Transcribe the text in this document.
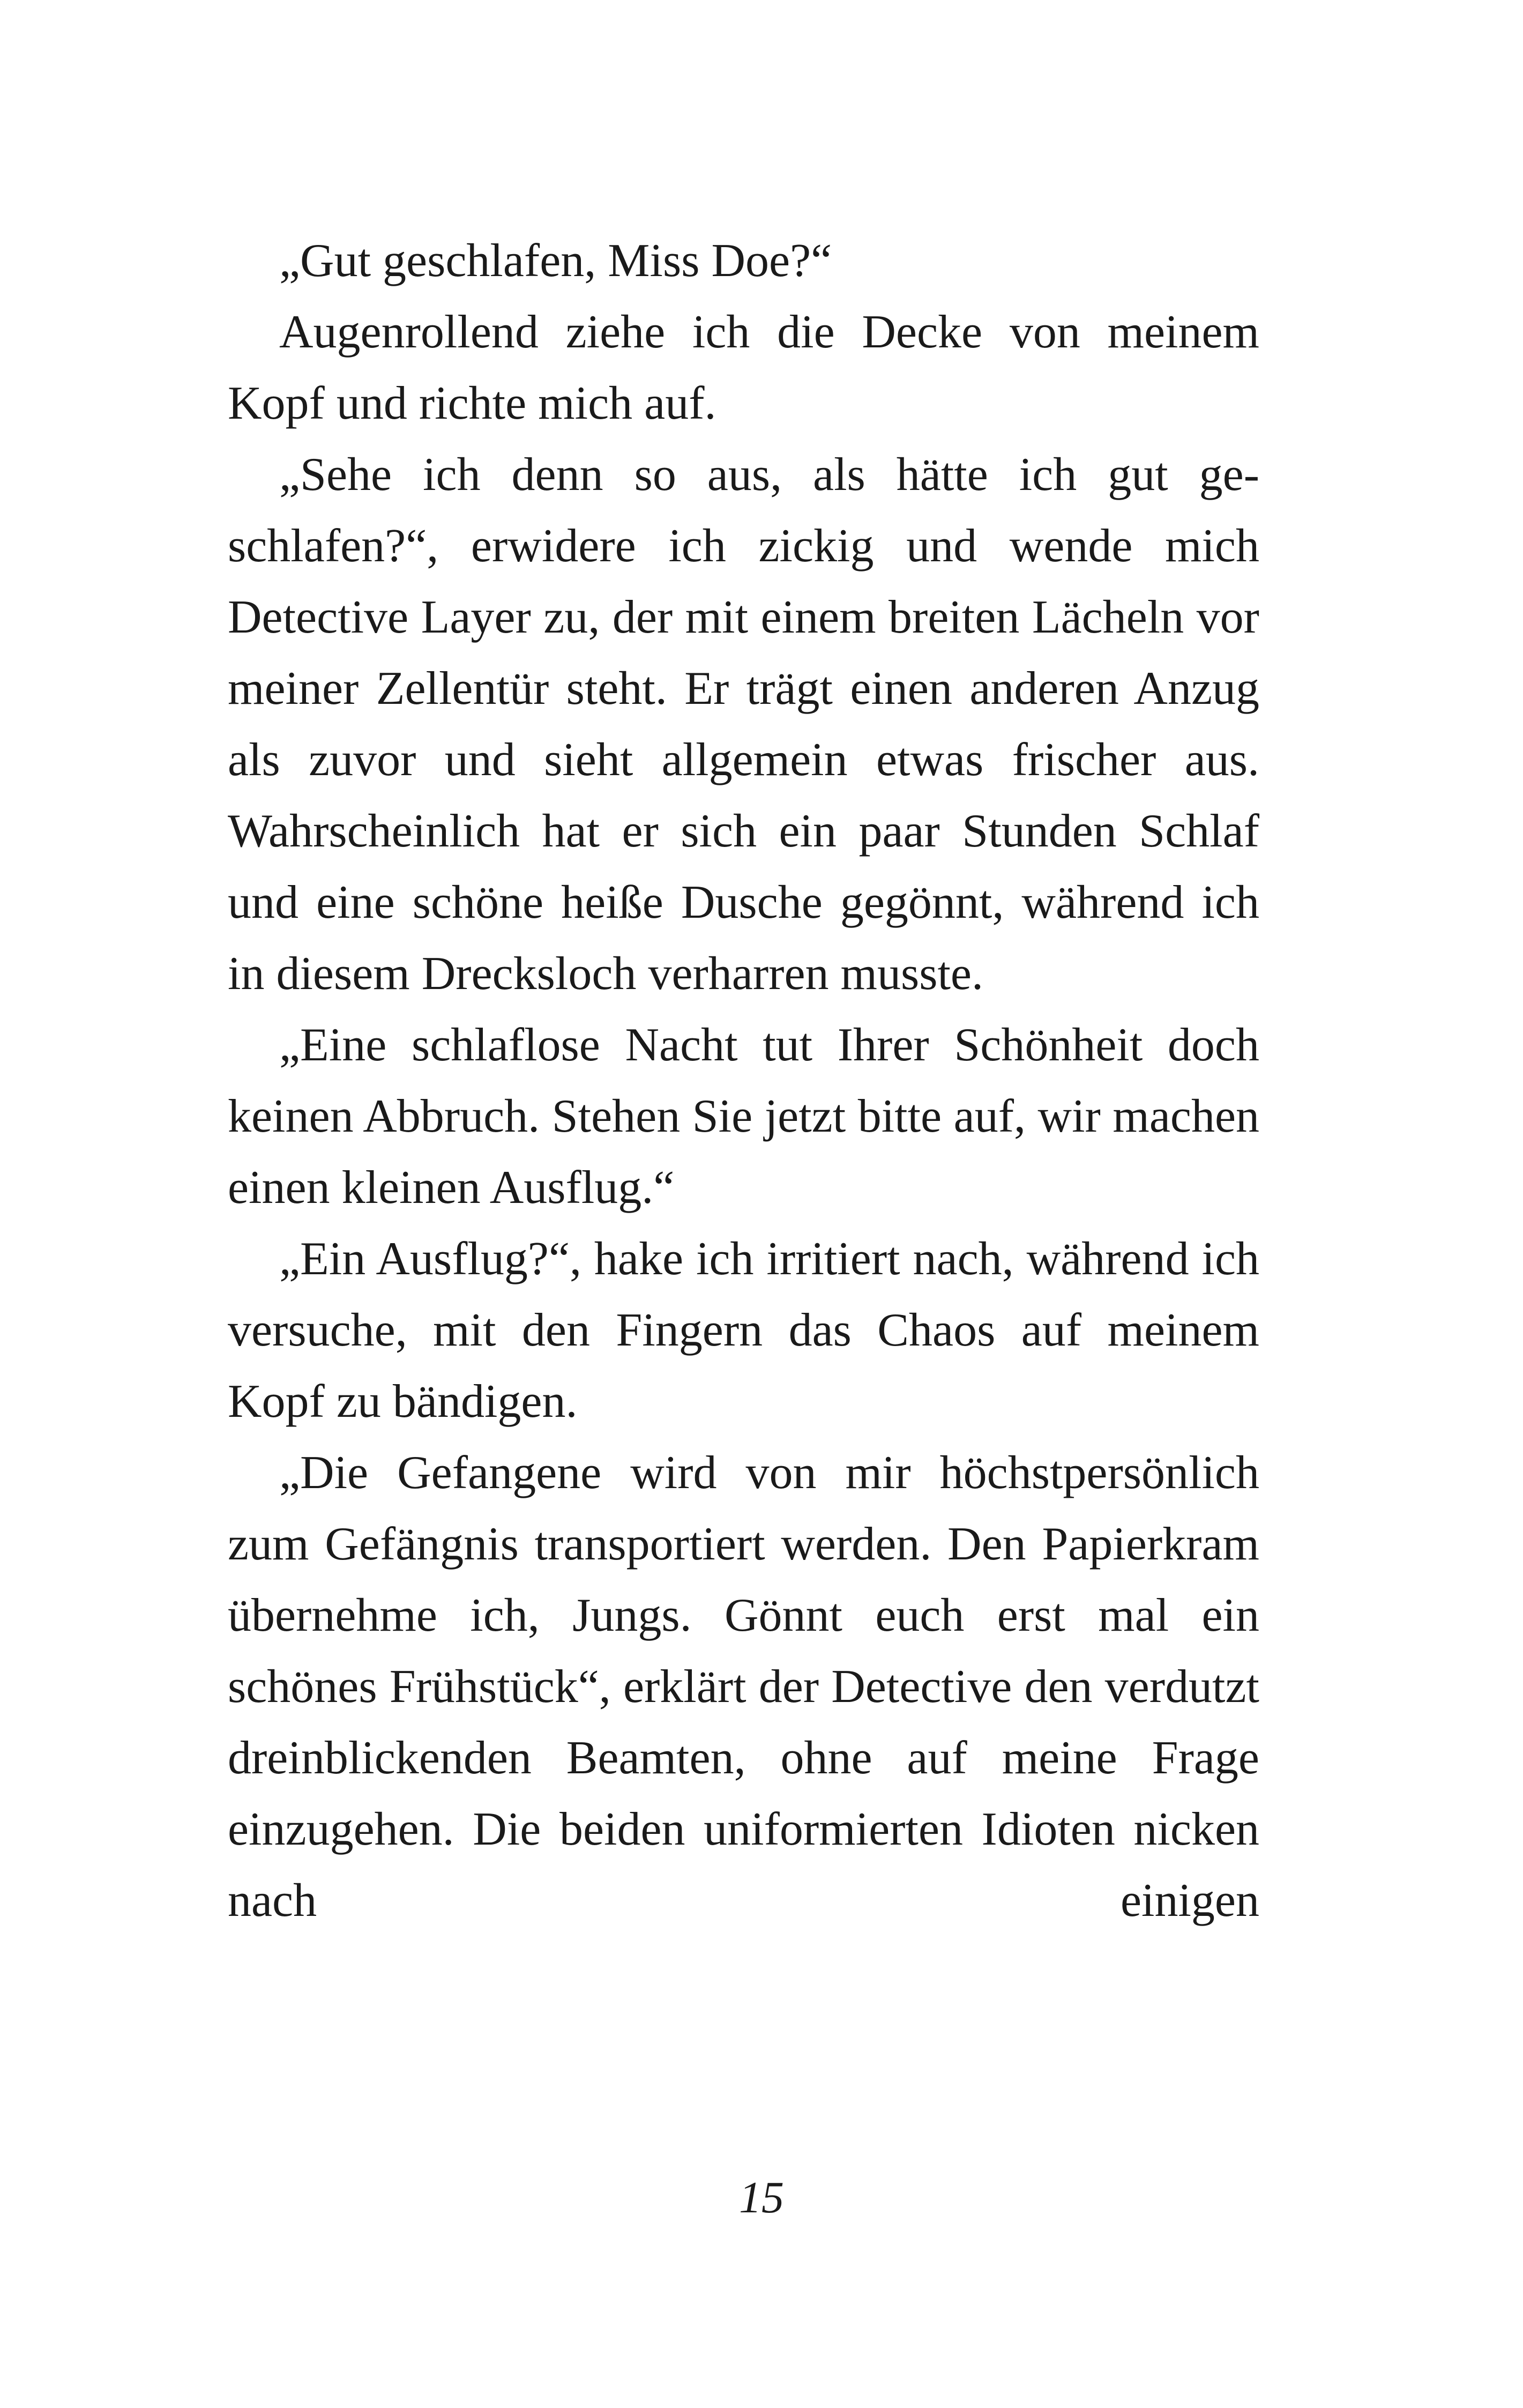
„Gut geschlafen, Miss Doe?“

Augenrollend ziehe ich die Decke von meinem Kopf und richte mich auf.

„Sehe ich denn so aus, als hätte ich gut geschlafen?“, erwidere ich zickig und wende mich Detective Layer zu, der mit einem breiten Lächeln vor meiner Zellentür steht. Er trägt einen anderen Anzug als zuvor und sieht allgemein etwas frischer aus. Wahrscheinlich hat er sich ein paar Stunden Schlaf und eine schöne heiße Dusche gegönnt, während ich in diesem Drecksloch verharren musste.

„Eine schlaflose Nacht tut Ihrer Schönheit doch keinen Abbruch. Stehen Sie jetzt bitte auf, wir machen einen kleinen Ausflug.“

„Ein Ausflug?“, hake ich irritiert nach, während ich versuche, mit den Fingern das Chaos auf meinem Kopf zu bändigen.

„Die Gefangene wird von mir höchstpersönlich zum Gefängnis transportiert werden. Den Papierkram übernehme ich, Jungs. Gönnt euch erst mal ein schönes Frühstück“, erklärt der Detective den verdutzt dreinblickenden Beamten, ohne auf meine Frage einzugehen. Die beiden uniformierten Idioten nicken nach einigen

15
